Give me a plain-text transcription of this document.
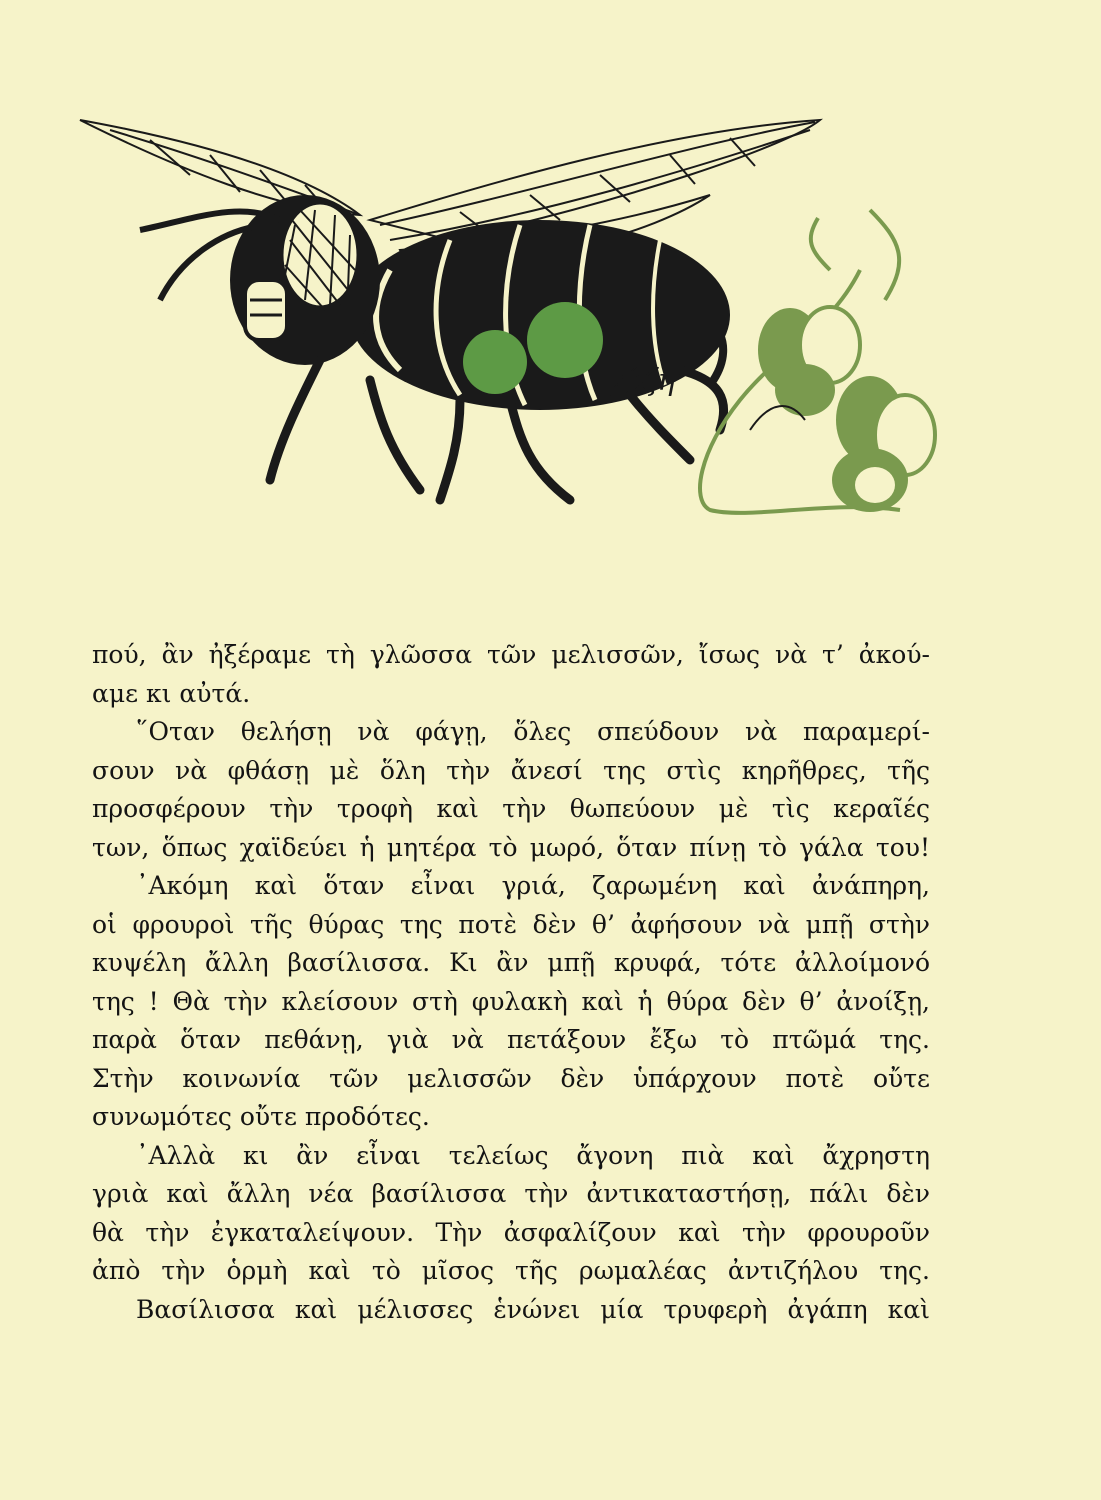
γύζη
πού, ἂν ἠξέραμε τὴ γλῶσσα τῶν μελισσῶν, ἴσως νὰ τ’ ἀκού-
αμε κι αὐτά.
῞Οταν θελήσῃ νὰ φάγῃ, ὅλες σπεύδουν νὰ παραμερί-
σουν νὰ φθάσῃ μὲ ὅλη τὴν ἄνεσί της στὶς κηρῆθρες, τῆς
προσφέρουν τὴν τροφὴ καὶ τὴν θωπεύουν μὲ τὶς κεραῖές
των, ὅπως χαϊδεύει ἡ μητέρα τὸ μωρό, ὅταν πίνῃ τὸ γάλα του!
᾿Ακόμη καὶ ὅταν εἶναι γριά, ζαρωμένη καὶ ἀνάπηρη,
οἱ φρουροὶ τῆς θύρας της ποτὲ δὲν θ’ ἀφήσουν νὰ μπῇ στὴν
κυψέλη ἄλλη βασίλισσα. Κι ἂν μπῇ κρυφά, τότε ἀλλοίμονό
της ! Θὰ τὴν κλείσουν στὴ φυλακὴ καὶ ἡ θύρα δὲν θ’ ἀνοίξῃ,
παρὰ ὅταν πεθάνῃ, γιὰ νὰ πετάξουν ἔξω τὸ πτῶμά της.
Στὴν κοινωνία τῶν μελισσῶν δὲν ὑπάρχουν ποτὲ οὔτε
συνωμότες οὔτε προδότες.
᾿Αλλὰ κι ἂν εἶναι τελείως ἄγονη πιὰ καὶ ἄχρηστη
γριὰ καὶ ἄλλη νέα βασίλισσα τὴν ἀντικαταστήσῃ, πάλι δὲν
θὰ τὴν ἐγκαταλείψουν. Τὴν ἀσφαλίζουν καὶ τὴν φρουροῦν
ἀπὸ τὴν ὁρμὴ καὶ τὸ μῖσος τῆς ρωμαλέας ἀντιζήλου της.
Βασίλισσα καὶ μέλισσες ἑνώνει μία τρυφερὴ ἀγάπη καὶ
